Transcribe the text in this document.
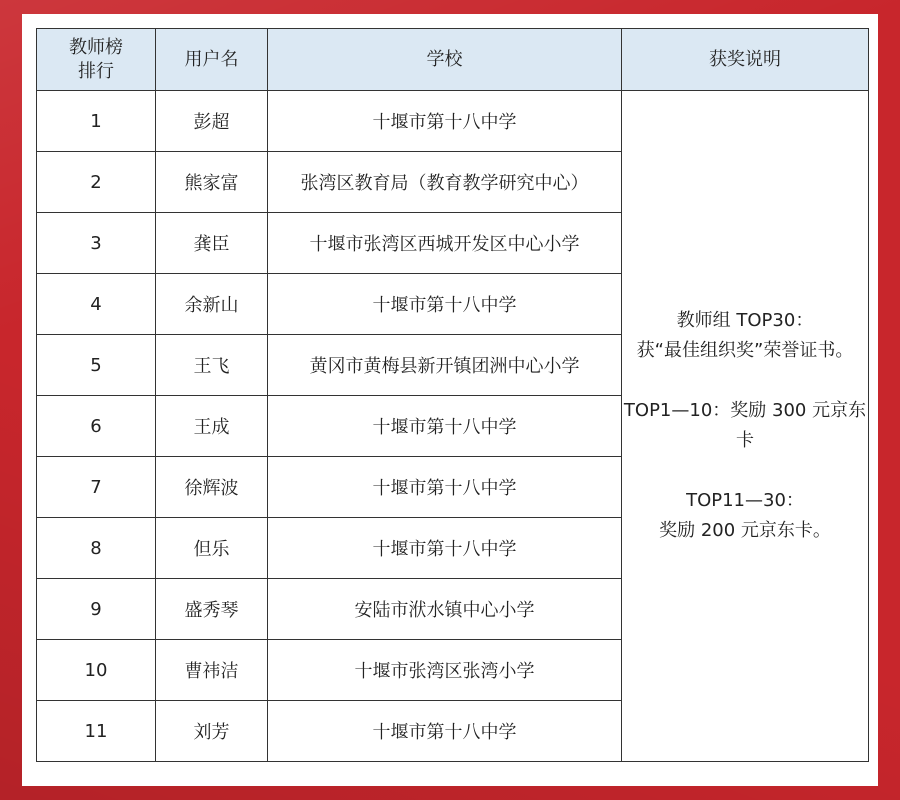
教师榜
排行	用户名	学校	获奖说明
1	彭超	十堰市第十八中学	教师组 TOP30：
获“最佳组织奖”荣誉证书。
TOP1—10：奖励 300 元京东卡
TOP11—30：
奖励 200 元京东卡。

2	熊家富	张湾区教育局（教育教学研究中心）	
3	龚臣	十堰市张湾区西城开发区中心小学	
4	余新山	十堰市第十八中学	
5	王飞	黄冈市黄梅县新开镇团洲中心小学	
6	王成	十堰市第十八中学	
7	徐辉波	十堰市第十八中学	
8	但乐	十堰市第十八中学	
9	盛秀琴	安陆市洑水镇中心小学	
10	曹祎洁	十堰市张湾区张湾小学	
11	刘芳	十堰市第十八中学	
